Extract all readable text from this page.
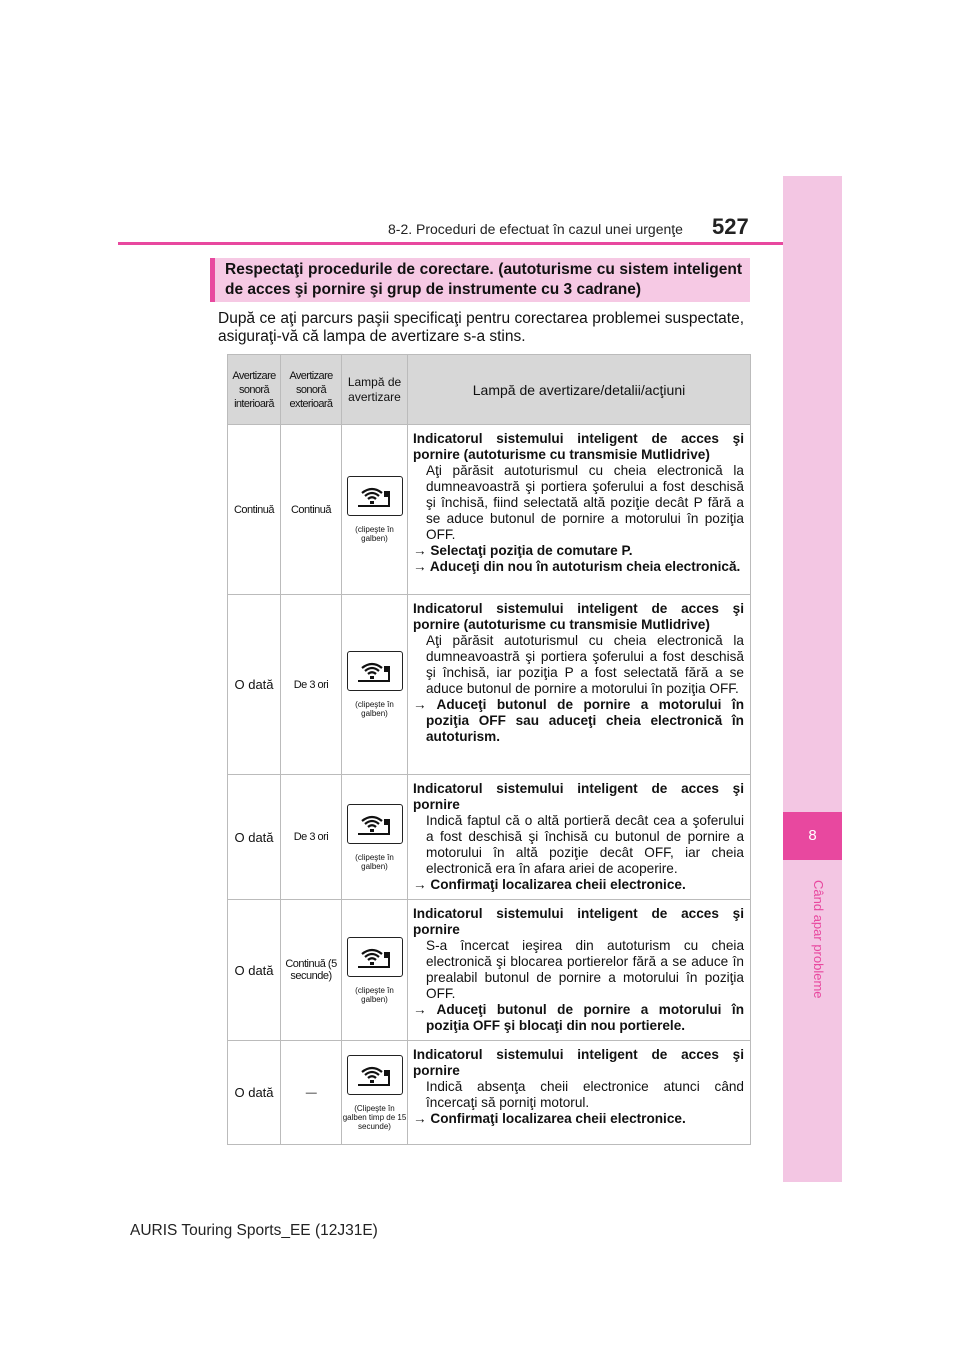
8
Când apar probleme
8-2. Proceduri de efectuat în cazul unei urgenţe 527
Respectaţi procedurile de corectare. (autoturisme cu sistem inteligent de acces şi pornire şi grup de instrumente cu 3 cadrane)
După ce aţi parcurs paşii specificaţi pentru corectarea problemei suspectate, asiguraţi-vă că lampa de avertizare s-a stins.
Avertizare sonoră interioară	Avertizare sonoră exterioară	Lampă de avertizare	Lampă de avertizare/detalii/acţiuni
Continuă	Continuă	(clipeşte în galben)	Indicatorul sistemului inteligent de acces şi pornire (autoturisme cu transmisie Mutlidrive)
Aţi părăsit autoturismul cu cheia electronică la dumneavoastră şi portiera şoferului a fost deschisă şi închisă, fiind selectată altă poziţie decât P fără a se aduce butonul de pornire a motorului în poziţia OFF.
→ Selectaţi poziţia de comutare P.
→ Aduceţi din nou în autoturism cheia electronică.

O dată	De 3 ori	(clipeşte în galben)	Indicatorul sistemului inteligent de acces şi pornire (autoturisme cu transmisie Mutlidrive)
Aţi părăsit autoturismul cu cheia electronică la dumneavoastră şi portiera şoferului a fost deschisă şi închisă, iar poziţia P a fost selectată fără a se aduce butonul de pornire a motorului în poziţia OFF.
→ Aduceţi butonul de pornire a motorului în poziţia OFF sau aduceţi cheia electronică în autoturism.

O dată	De 3 ori	(clipeşte în galben)	Indicatorul sistemului inteligent de acces şi pornire
Indică faptul că o altă portieră decât cea a şoferului a fost deschisă şi închisă cu butonul de pornire a motorului în altă poziţie decât OFF, iar cheia electronică era în afara ariei de acoperire.
→ Confirmaţi localizarea cheii electronice.

O dată	Continuă (5 secunde)	(clipeşte în galben)	Indicatorul sistemului inteligent de acces şi pornire
S-a încercat ieşirea din autoturism cu cheia electronică şi blocarea portierelor fără a se aduce în prealabil butonul de pornire a motorului în poziţia OFF.
→ Aduceţi butonul de pornire a motorului în poziţia OFF şi blocaţi din nou portierele.

O dată	—	(Clipeşte în galben timp de 15 secunde)	Indicatorul sistemului inteligent de acces şi pornire
Indică absenţa cheii electronice atunci când încercaţi să porniţi motorul.
→ Confirmaţi localizarea cheii electronice.
AURIS Touring Sports_EE (12J31E)
